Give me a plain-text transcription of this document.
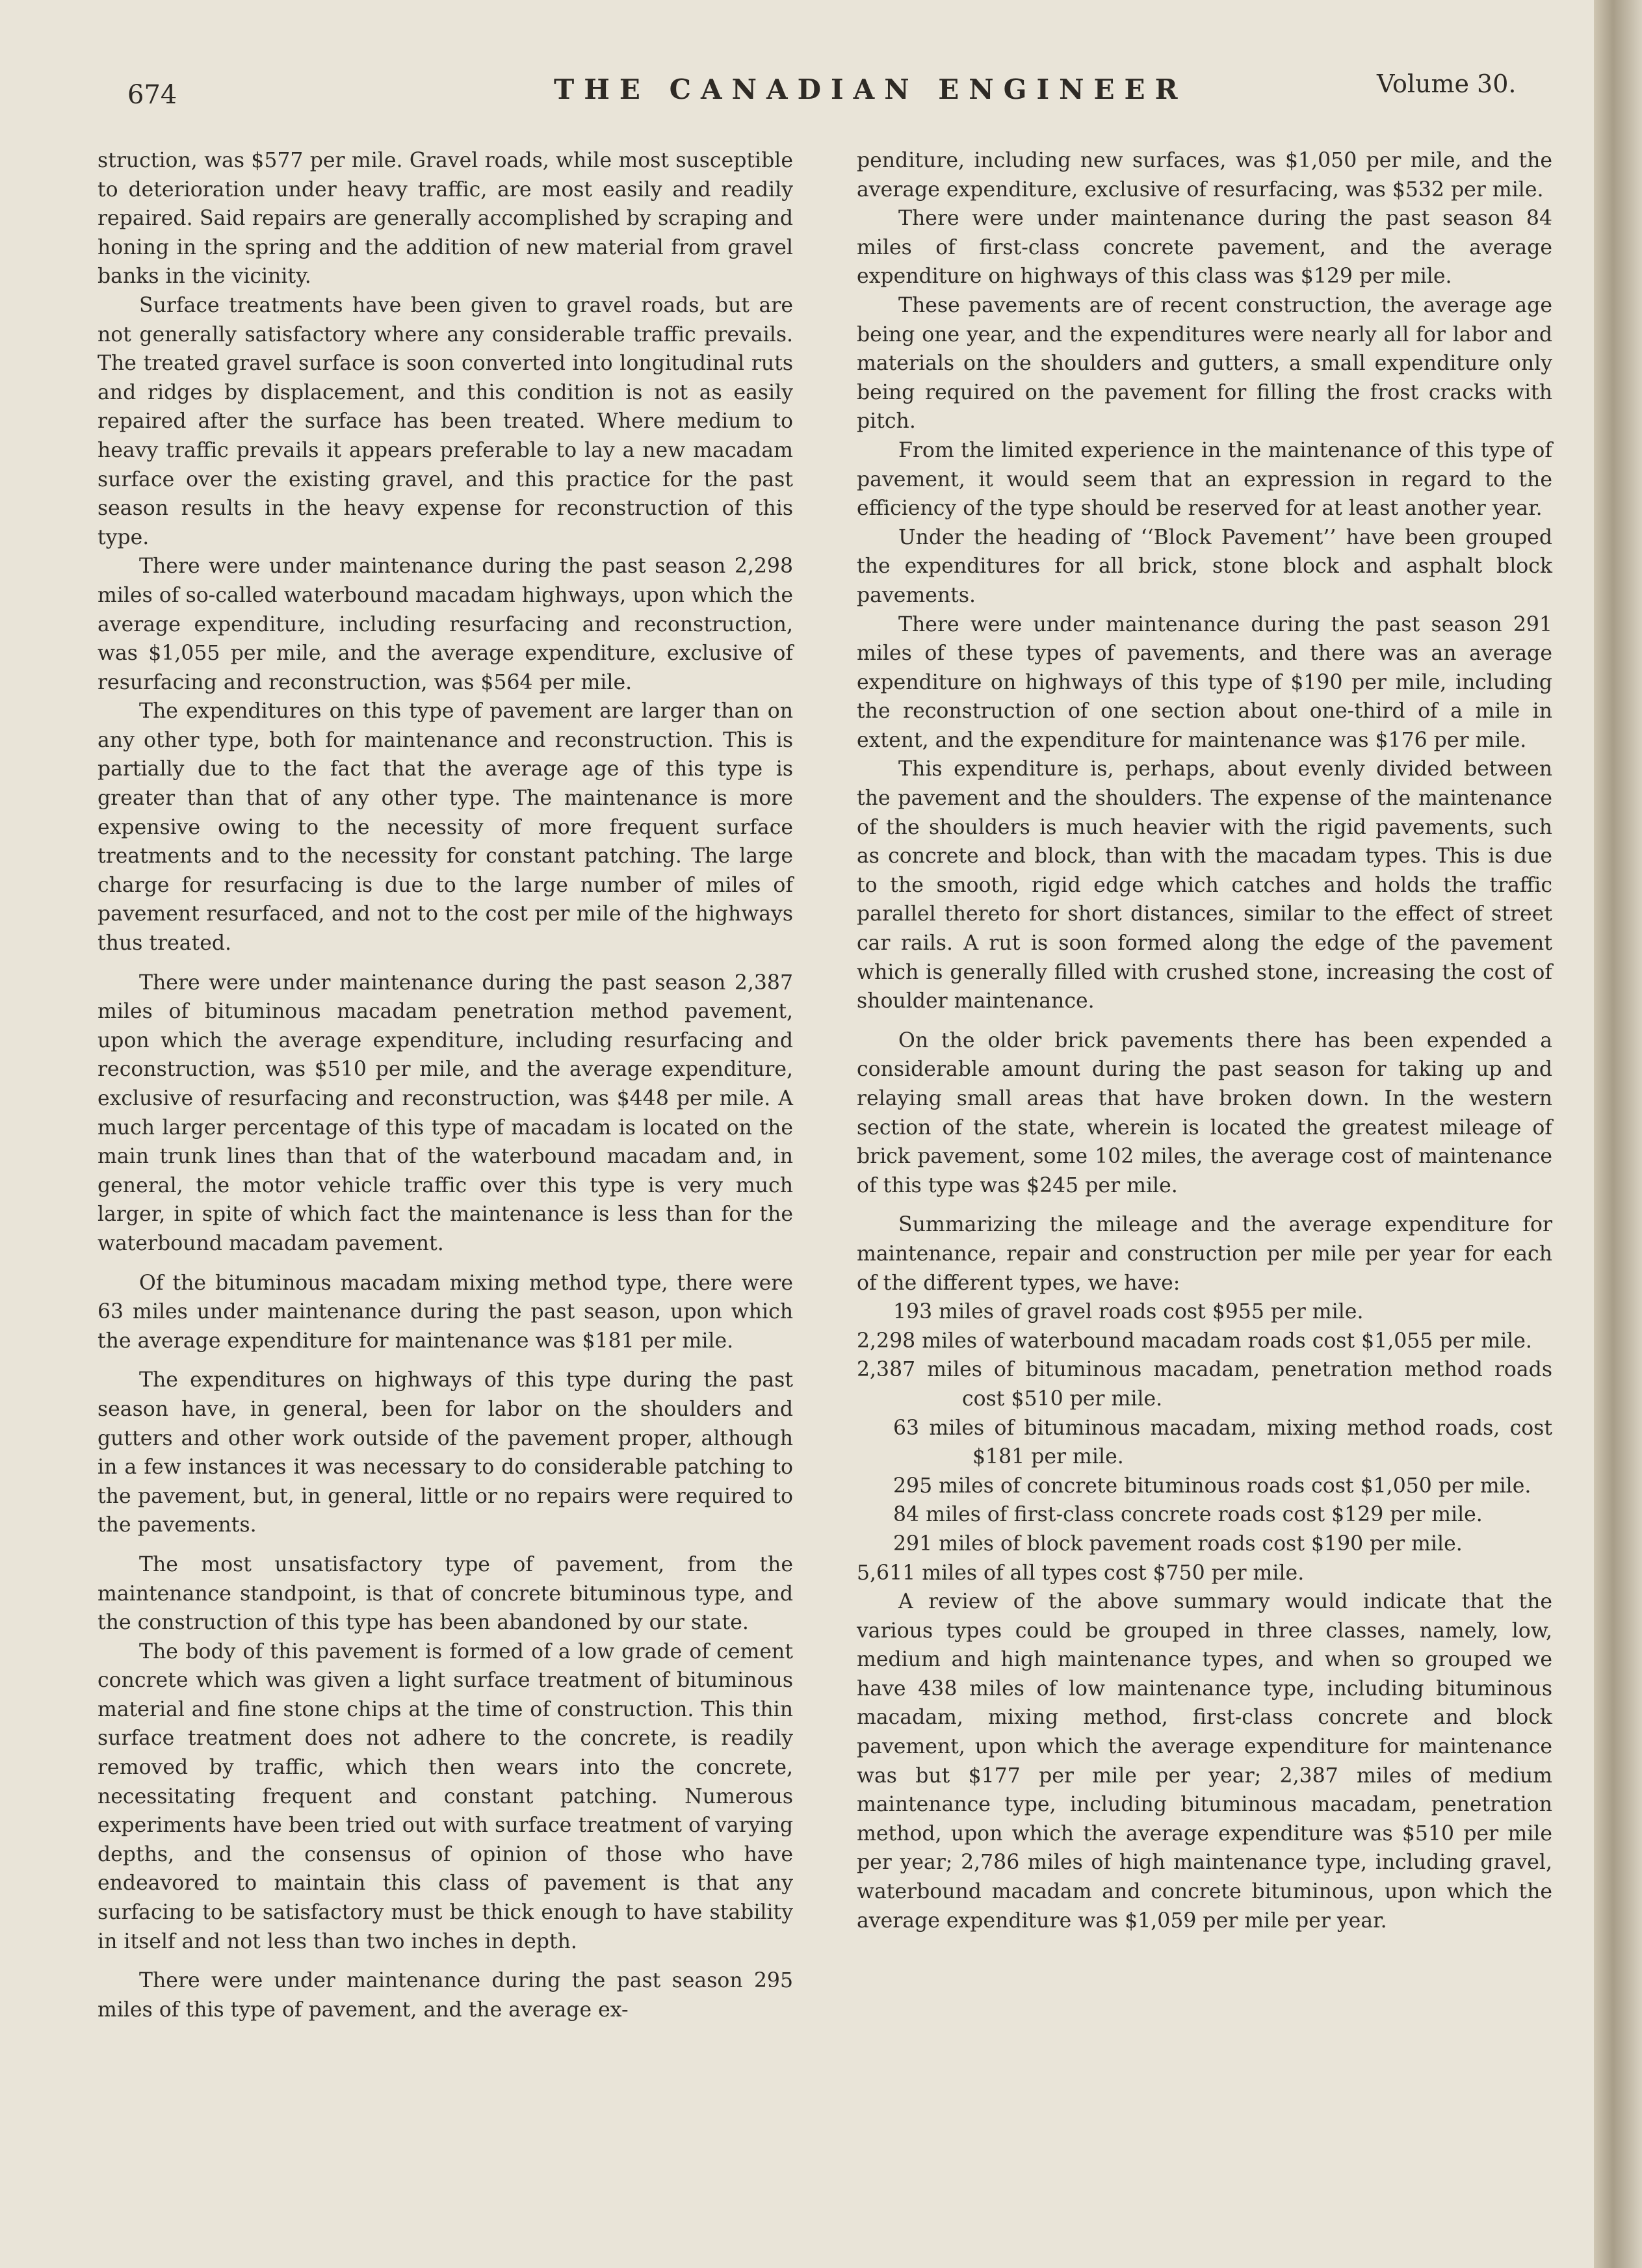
674	THE CANADIAN ENGINEER	Volume 30.

struction, was $577 per mile. Gravel roads, while most susceptible to deterioration under heavy traffic, are most easily and readily repaired. Said repairs are generally accomplished by scraping and honing in the spring and the addition of new material from gravel banks in the vicinity.

Surface treatments have been given to gravel roads, but are not generally satisfactory where any considerable traffic prevails. The treated gravel surface is soon converted into longitudinal ruts and ridges by displacement, and this condition is not as easily repaired after the surface has been treated. Where medium to heavy traffic prevails it appears preferable to lay a new macadam surface over the existing gravel, and this practice for the past season results in the heavy expense for reconstruction of this type.

There were under maintenance during the past season 2,298 miles of so-called waterbound macadam highways, upon which the average expenditure, including resurfacing and reconstruction, was $1,055 per mile, and the average expenditure, exclusive of resurfacing and reconstruction, was $564 per mile.

The expenditures on this type of pavement are larger than on any other type, both for maintenance and reconstruction. This is partially due to the fact that the average age of this type is greater than that of any other type. The maintenance is more expensive owing to the necessity of more frequent surface treatments and to the necessity for constant patching. The large charge for resurfacing is due to the large number of miles of pavement resurfaced, and not to the cost per mile of the highways thus treated.

There were under maintenance during the past season 2,387 miles of bituminous macadam penetration method pavement, upon which the average expenditure, including resurfacing and reconstruction, was $510 per mile, and the average expenditure, exclusive of resurfacing and reconstruction, was $448 per mile. A much larger percentage of this type of macadam is located on the main trunk lines than that of the waterbound macadam and, in general, the motor vehicle traffic over this type is very much larger, in spite of which fact the maintenance is less than for the waterbound macadam pavement.

Of the bituminous macadam mixing method type, there were 63 miles under maintenance during the past season, upon which the average expenditure for maintenance was $181 per mile.

The expenditures on highways of this type during the past season have, in general, been for labor on the shoulders and gutters and other work outside of the pavement proper, although in a few instances it was necessary to do considerable patching to the pavement, but, in general, little or no repairs were required to the pavements.

The most unsatisfactory type of pavement, from the maintenance standpoint, is that of concrete bituminous type, and the construction of this type has been abandoned by our state.

The body of this pavement is formed of a low grade of cement concrete which was given a light surface treatment of bituminous material and fine stone chips at the time of construction. This thin surface treatment does not adhere to the concrete, is readily removed by traffic, which then wears into the concrete, necessitating frequent and constant patching. Numerous experiments have been tried out with surface treatment of varying depths, and the consensus of opinion of those who have endeavored to maintain this class of pavement is that any surfacing to be satisfactory must be thick enough to have stability in itself and not less than two inches in depth.

There were under maintenance during the past season 295 miles of this type of pavement, and the average ex-

penditure, including new surfaces, was $1,050 per mile, and the average expenditure, exclusive of resurfacing, was $532 per mile.

There were under maintenance during the past season 84 miles of first-class concrete pavement, and the average expenditure on highways of this class was $129 per mile.

These pavements are of recent construction, the average age being one year, and the expenditures were nearly all for labor and materials on the shoulders and gutters, a small expenditure only being required on the pavement for filling the frost cracks with pitch.

From the limited experience in the maintenance of this type of pavement, it would seem that an expression in regard to the efficiency of the type should be reserved for at least another year.

Under the heading of ‘‘Block Pavement’’ have been grouped the expenditures for all brick, stone block and asphalt block pavements.

There were under maintenance during the past season 291 miles of these types of pavements, and there was an average expenditure on highways of this type of $190 per mile, including the reconstruction of one section about one-third of a mile in extent, and the expenditure for maintenance was $176 per mile.

This expenditure is, perhaps, about evenly divided between the pavement and the shoulders. The expense of the maintenance of the shoulders is much heavier with the rigid pavements, such as concrete and block, than with the macadam types. This is due to the smooth, rigid edge which catches and holds the traffic parallel thereto for short distances, similar to the effect of street car rails. A rut is soon formed along the edge of the pavement which is generally filled with crushed stone, increasing the cost of shoulder maintenance.

On the older brick pavements there has been expended a considerable amount during the past season for taking up and relaying small areas that have broken down. In the western section of the state, wherein is located the greatest mileage of brick pavement, some 102 miles, the average cost of maintenance of this type was $245 per mile.

Summarizing the mileage and the average expenditure for maintenance, repair and construction per mile per year for each of the different types, we have:

193 miles of gravel roads cost $955 per mile.
2,298 miles of waterbound macadam roads cost $1,055 per mile.
2,387 miles of bituminous macadam, penetration method roads cost $510 per mile.
63 miles of bituminous macadam, mixing method roads, cost $181 per mile.
295 miles of concrete bituminous roads cost $1,050 per mile.
84 miles of first-class concrete roads cost $129 per mile.
291 miles of block pavement roads cost $190 per mile.
5,611 miles of all types cost $750 per mile.

A review of the above summary would indicate that the various types could be grouped in three classes, namely, low, medium and high maintenance types, and when so grouped we have 438 miles of low maintenance type, including bituminous macadam, mixing method, first-class concrete and block pavement, upon which the average expenditure for maintenance was but $177 per mile per year; 2,387 miles of medium maintenance type, including bituminous macadam, penetration method, upon which the average expenditure was $510 per mile per year; 2,786 miles of high maintenance type, including gravel, waterbound macadam and concrete bituminous, upon which the average expenditure was $1,059 per mile per year.
